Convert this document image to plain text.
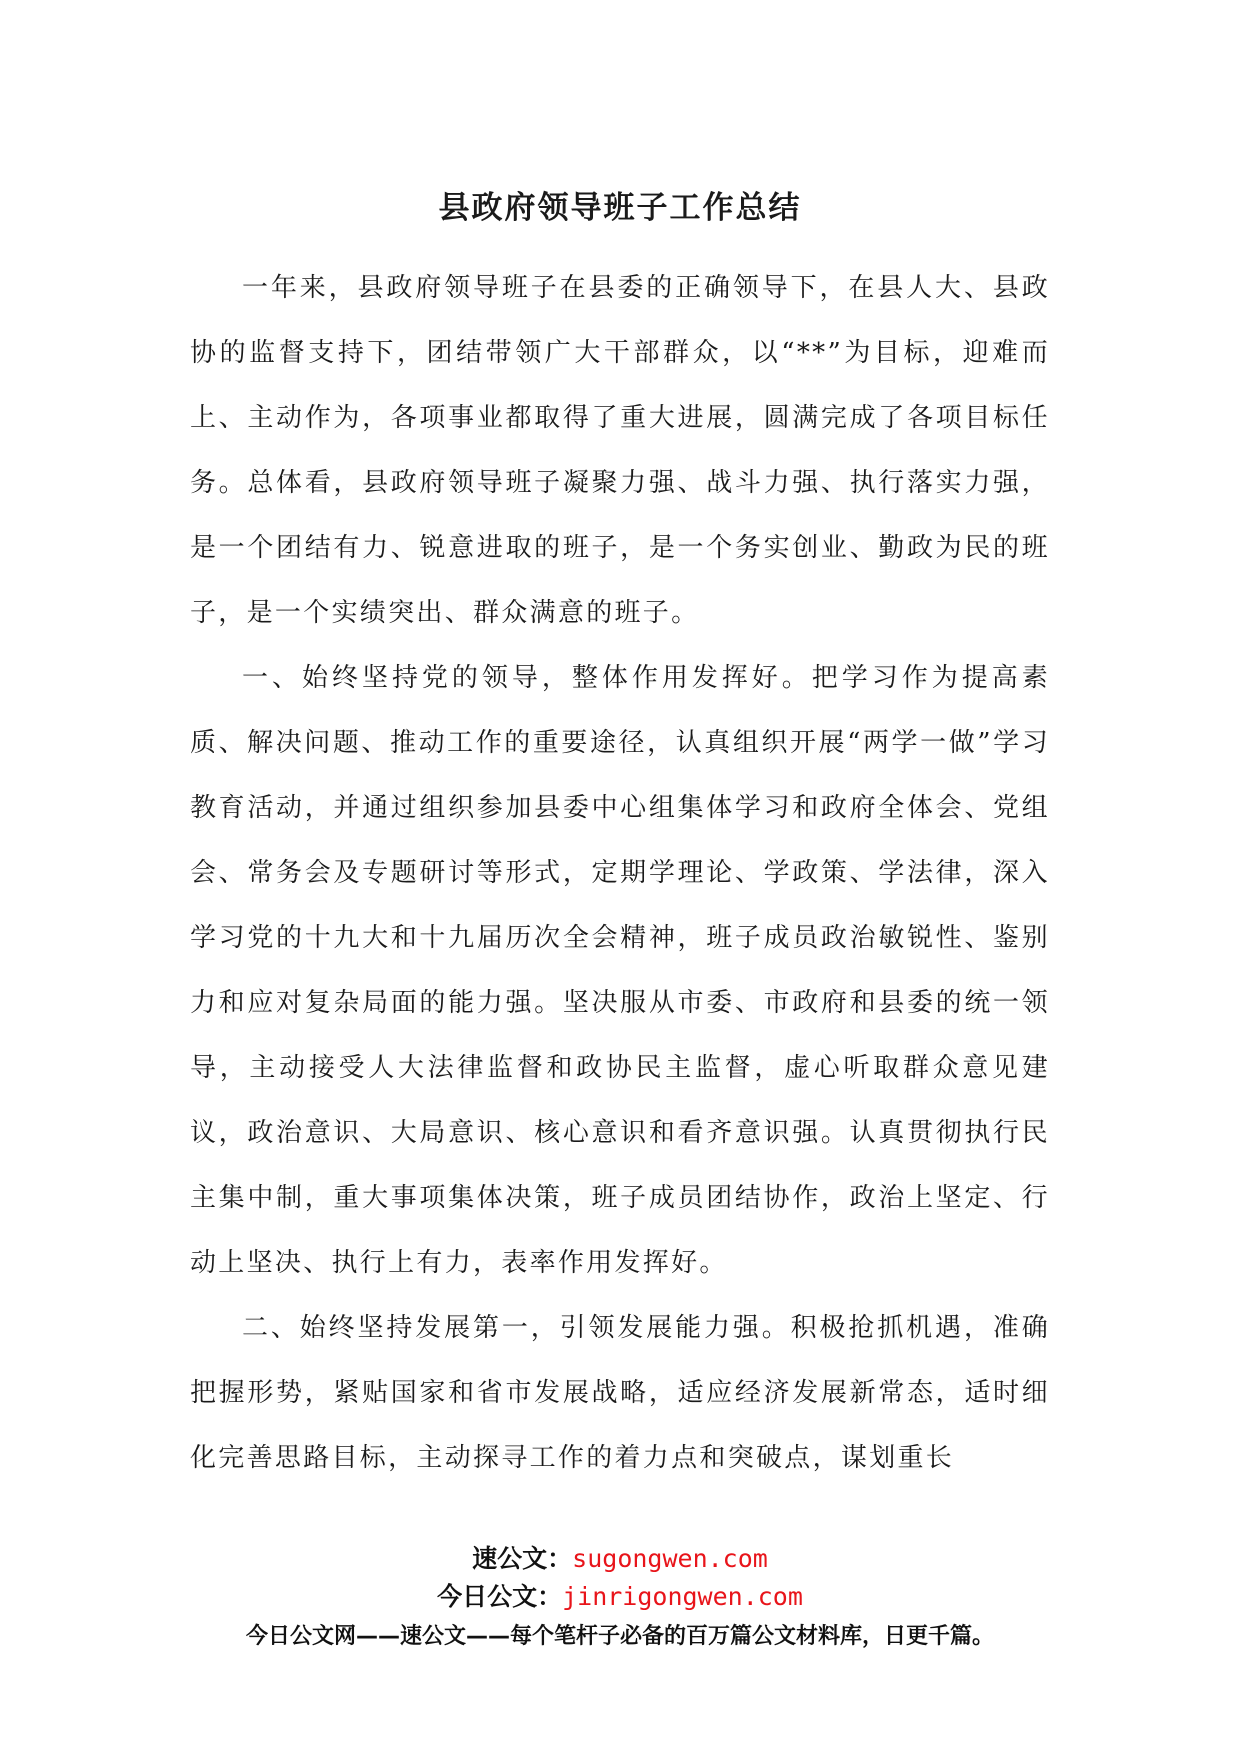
县政府领导班子工作总结

一年来，县政府领导班子在县委的正确领导下，在县人大、县政协的监督支持下，团结带领广大干部群众，以“**”为目标，迎难而上、主动作为，各项事业都取得了重大进展，圆满完成了各项目标任务。总体看，县政府领导班子凝聚力强、战斗力强、执行落实力强，是一个团结有力、锐意进取的班子，是一个务实创业、勤政为民的班子，是一个实绩突出、群众满意的班子。

一、始终坚持党的领导，整体作用发挥好。把学习作为提高素质、解决问题、推动工作的重要途径，认真组织开展“两学一做”学习教育活动，并通过组织参加县委中心组集体学习和政府全体会、党组会、常务会及专题研讨等形式，定期学理论、学政策、学法律，深入学习党的十九大和十九届历次全会精神，班子成员政治敏锐性、鉴别力和应对复杂局面的能力强。坚决服从市委、市政府和县委的统一领导，主动接受人大法律监督和政协民主监督，虚心听取群众意见建议，政治意识、大局意识、核心意识和看齐意识强。认真贯彻执行民主集中制，重大事项集体决策，班子成员团结协作，政治上坚定、行动上坚决、执行上有力，表率作用发挥好。

二、始终坚持发展第一，引领发展能力强。积极抢抓机遇，准确把握形势，紧贴国家和省市发展战略，适应经济发展新常态，适时细化完善思路目标，主动探寻工作的着力点和突破点，谋划重长

速公文：sugongwen.com
今日公文：jinrigongwen.com
今日公文网——速公文——每个笔杆子必备的百万篇公文材料库，日更千篇。
